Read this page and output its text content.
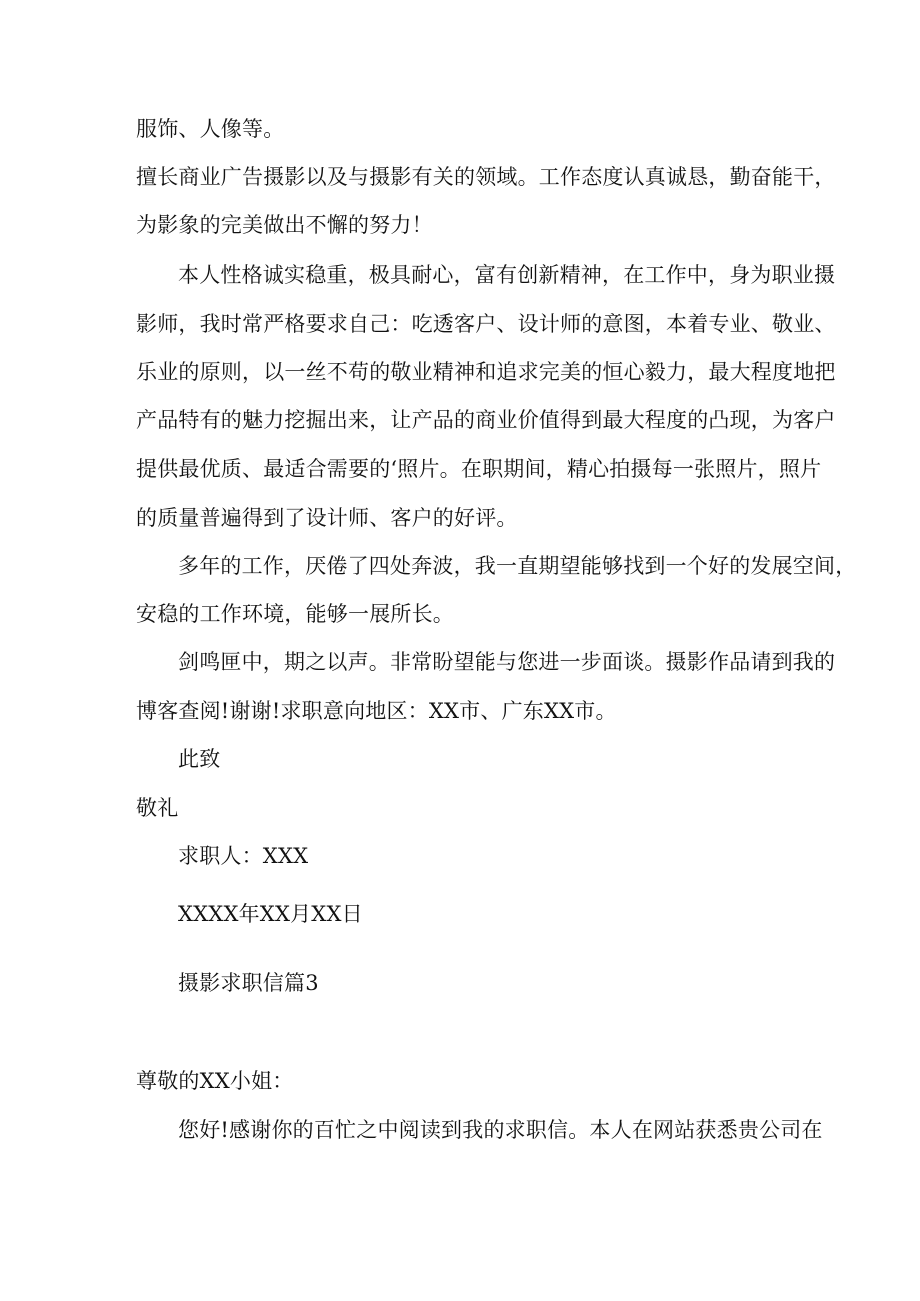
服饰、人像等。

擅长商业广告摄影以及与摄影有关的领域。工作态度认真诚恳，勤奋能干，

为影象的完美做出不懈的努力！

本人性格诚实稳重，极具耐心，富有创新精神，在工作中，身为职业摄

影师，我时常严格要求自己：吃透客户、设计师的意图，本着专业、敬业、

乐业的原则，以一丝不苟的敬业精神和追求完美的恒心毅力，最大程度地把

产品特有的魅力挖掘出来，让产品的商业价值得到最大程度的凸现，为客户

提供最优质、最适合需要的‘照片。在职期间，精心拍摄每一张照片，照片

的质量普遍得到了设计师、客户的好评。

多年的工作，厌倦了四处奔波，我一直期望能够找到一个好的发展空间，

安稳的工作环境，能够一展所长。

剑鸣匣中，期之以声。非常盼望能与您进一步面谈。摄影作品请到我的

博客查阅!谢谢!求职意向地区：XX市、广东XX市。

此致

敬礼

求职人：XXX

XXXX年XX月XX日

摄影求职信篇3

尊敬的XX小姐：

您好!感谢你的百忙之中阅读到我的求职信。本人在网站获悉贵公司在
